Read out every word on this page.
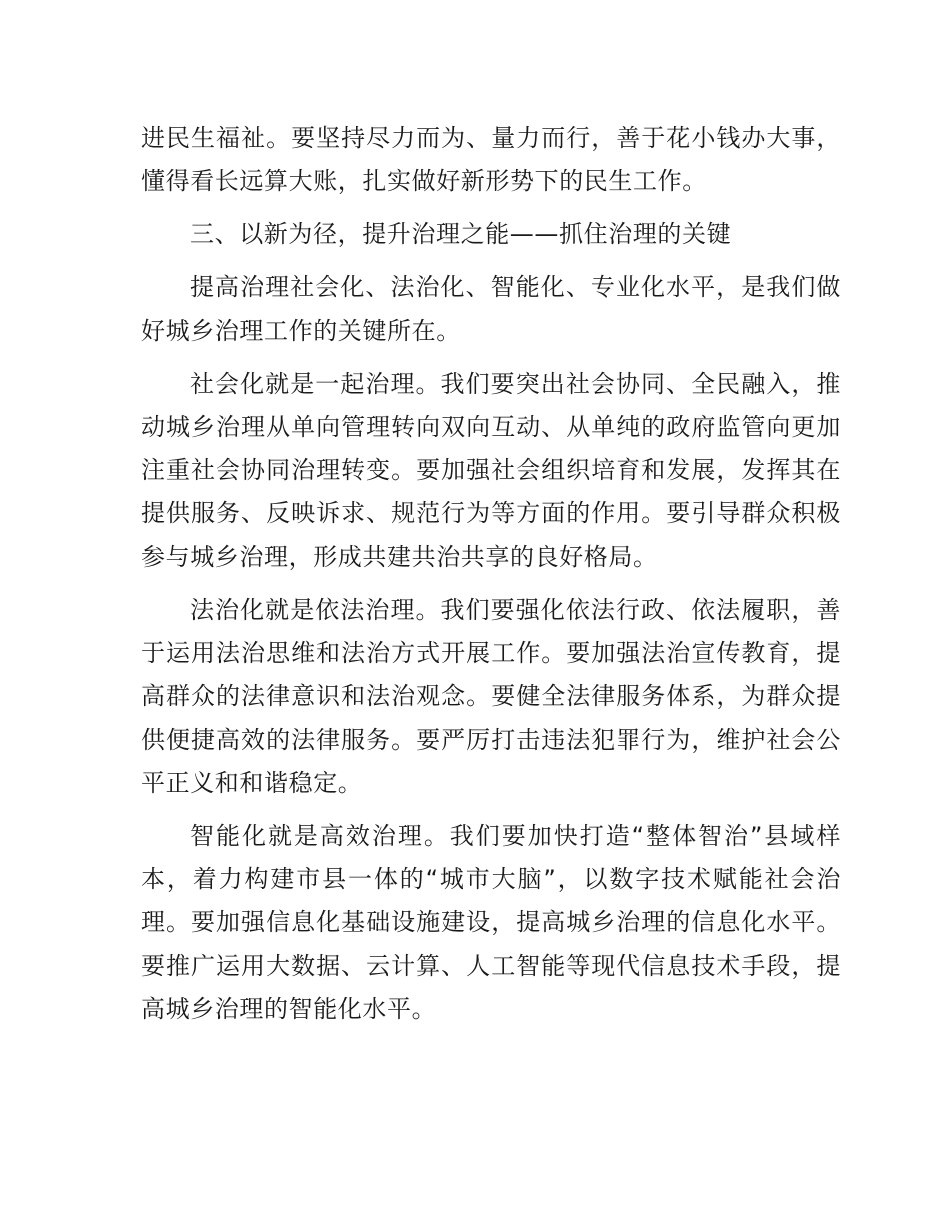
进民生福祉。要坚持尽力而为、量力而行，善于花小钱办大事，懂得看长远算大账，扎实做好新形势下的民生工作。

三、以新为径，提升治理之能——抓住治理的关键

提高治理社会化、法治化、智能化、专业化水平，是我们做好城乡治理工作的关键所在。

社会化就是一起治理。我们要突出社会协同、全民融入，推动城乡治理从单向管理转向双向互动、从单纯的政府监管向更加注重社会协同治理转变。要加强社会组织培育和发展，发挥其在提供服务、反映诉求、规范行为等方面的作用。要引导群众积极参与城乡治理，形成共建共治共享的良好格局。

法治化就是依法治理。我们要强化依法行政、依法履职，善于运用法治思维和法治方式开展工作。要加强法治宣传教育，提高群众的法律意识和法治观念。要健全法律服务体系，为群众提供便捷高效的法律服务。要严厉打击违法犯罪行为，维护社会公平正义和和谐稳定。

智能化就是高效治理。我们要加快打造“整体智治”县域样本，着力构建市县一体的“城市大脑”，以数字技术赋能社会治理。要加强信息化基础设施建设，提高城乡治理的信息化水平。要推广运用大数据、云计算、人工智能等现代信息技术手段，提高城乡治理的智能化水平。
